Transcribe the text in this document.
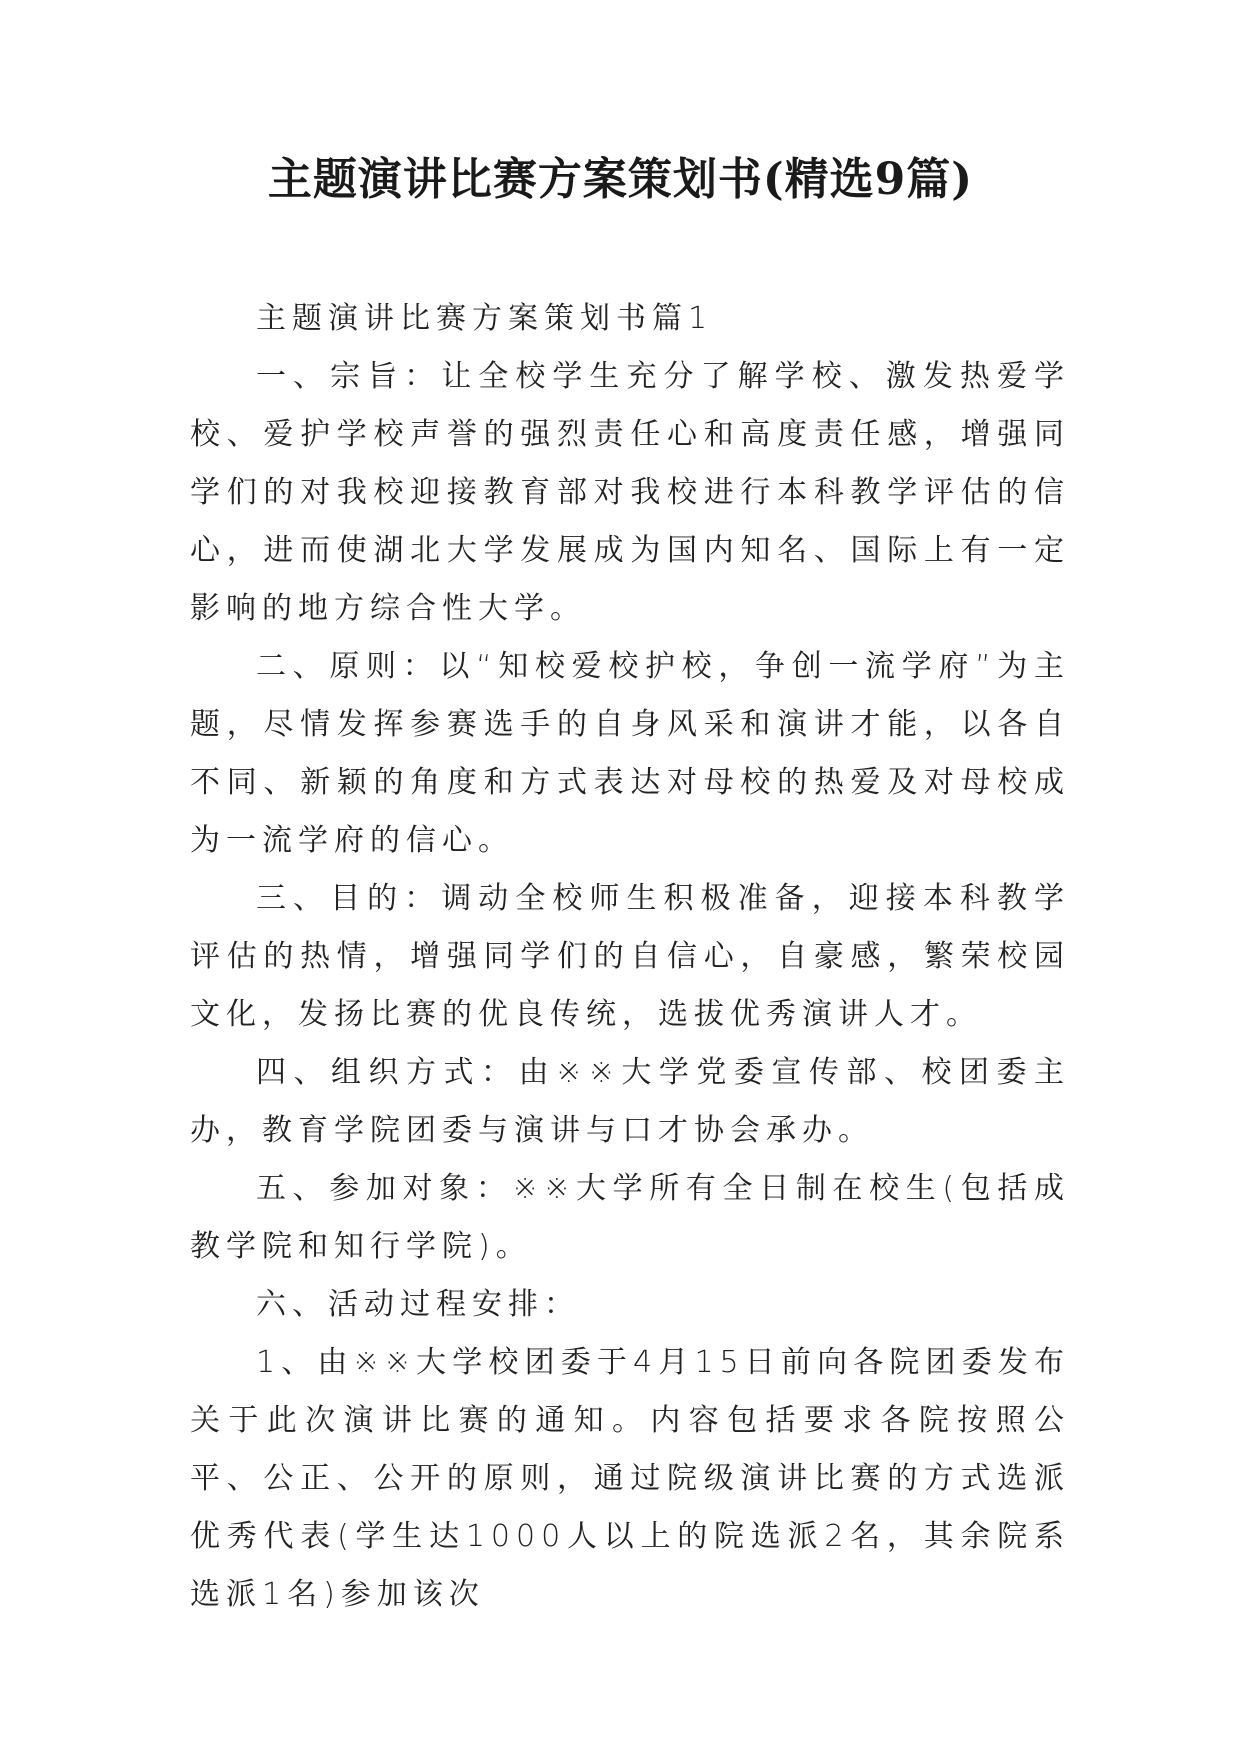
主题演讲比赛方案策划书(精选9篇)

主题演讲比赛方案策划书篇1

一、宗旨：让全校学生充分了解学校、激发热爱学校、爱护学校声誉的强烈责任心和高度责任感，增强同学们的对我校迎接教育部对我校进行本科教学评估的信心，进而使湖北大学发展成为国内知名、国际上有一定影响的地方综合性大学。

二、原则：以“知校爱校护校，争创一流学府”为主题，尽情发挥参赛选手的自身风采和演讲才能，以各自不同、新颖的角度和方式表达对母校的热爱及对母校成为一流学府的信心。

三、目的：调动全校师生积极准备，迎接本科教学评估的热情，增强同学们的自信心，自豪感，繁荣校园文化，发扬比赛的优良传统，选拔优秀演讲人才。

四、组织方式：由※※大学党委宣传部、校团委主办，教育学院团委与演讲与口才协会承办。

五、参加对象：※※大学所有全日制在校生(包括成教学院和知行学院)。

六、活动过程安排：

1、由※※大学校团委于4月15日前向各院团委发布关于此次演讲比赛的通知。内容包括要求各院按照公平、公正、公开的原则，通过院级演讲比赛的方式选派优秀代表(学生达1000人以上的院选派2名，其余院系选派1名)参加该次
